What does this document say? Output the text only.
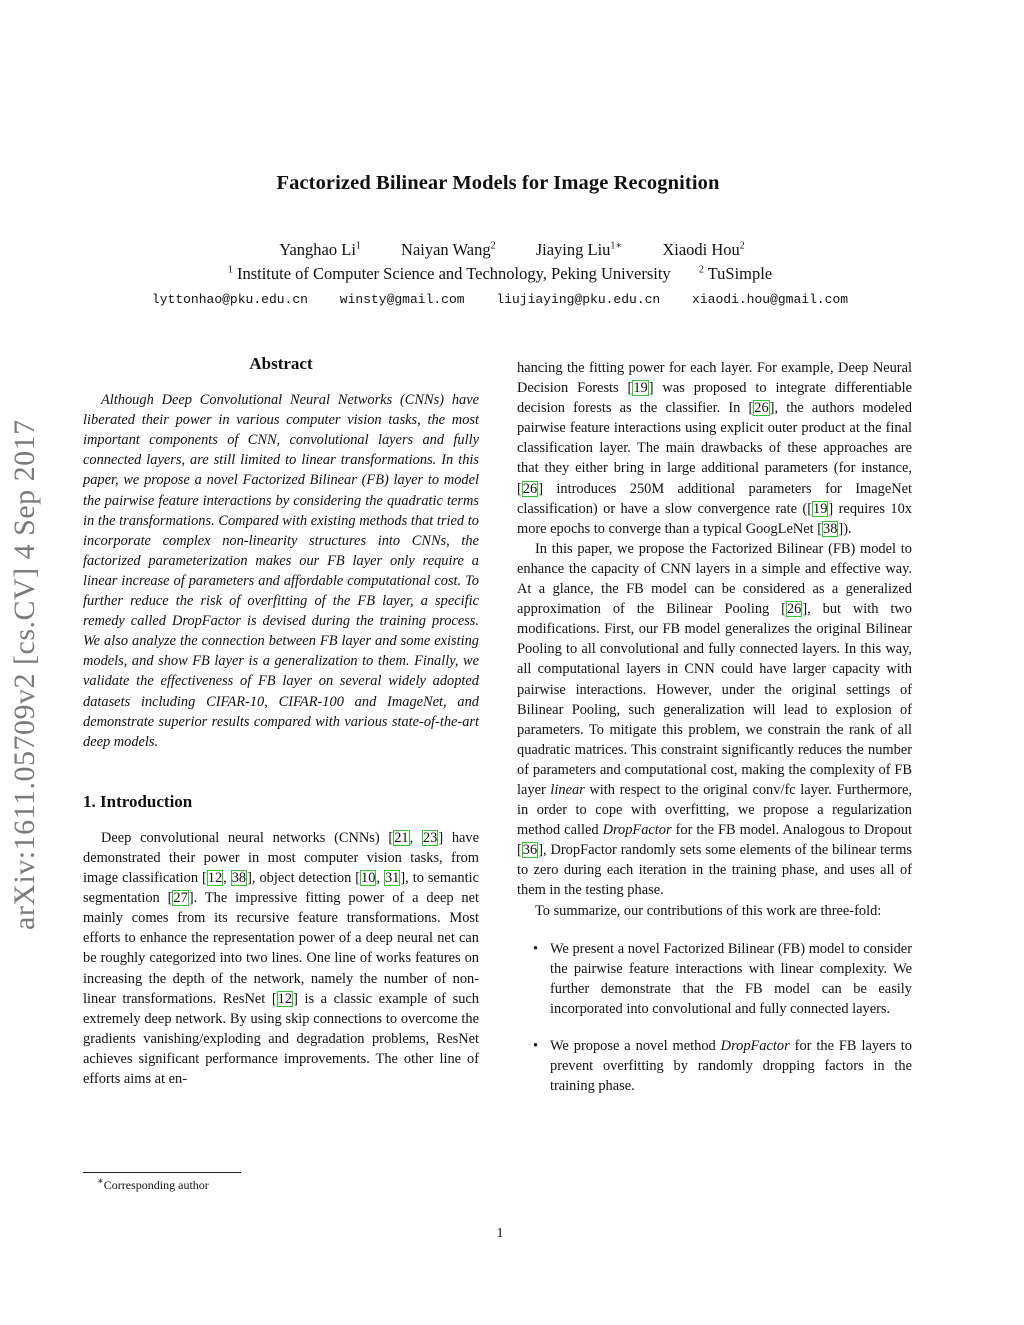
Factorized Bilinear Models for Image Recognition
Yanghao Li$^1$ Naiyan Wang$^2$ Jiaying Liu$^{1∗}$ Xiaodi Hou$^2$
$^1$ Institute of Computer Science and Technology, Peking University	$^2$ TuSimple
lyttonhao@pku.edu.cn winsty@gmail.com liujiaying@pku.edu.cn xiaodi.hou@gmail.com
arXiv:1611.05709v2 [cs.CV] 4 Sep 2017
Abstract

Although Deep Convolutional Neural Networks (CNNs) have liberated their power in various computer vision tasks, the most important components of CNN, convolutional layers and fully connected layers, are still limited to linear transformations. In this paper, we propose a novel Factorized Bilinear (FB) layer to model the pairwise feature interactions by considering the quadratic terms in the transformations. Compared with existing methods that tried to incorporate complex non-linearity structures into CNNs, the factorized parameterization makes our FB layer only require a linear increase of parameters and affordable computational cost. To further reduce the risk of overfitting of the FB layer, a specific remedy called DropFactor is devised during the training process. We also analyze the connection between FB layer and some existing models, and show FB layer is a generalization to them. Finally, we validate the effectiveness of FB layer on several widely adopted datasets including CIFAR-10, CIFAR-100 and ImageNet, and demonstrate superior results compared with various state-of-the-art deep models.

1. Introduction

Deep convolutional neural networks (CNNs) [21, 23] have demonstrated their power in most computer vision tasks, from image classification [12, 38], object detection [10, 31], to semantic segmentation [27]. The impressive fitting power of a deep net mainly comes from its recursive feature transformations. Most efforts to enhance the representation power of a deep neural net can be roughly categorized into two lines. One line of works features on increasing the depth of the network, namely the number of non-linear transformations. ResNet [12] is a classic example of such extremely deep network. By using skip connections to overcome the gradients vanishing/exploding and degradation problems, ResNet achieves significant performance improvements. The other line of efforts aims at en-

∗Corresponding author

hancing the fitting power for each layer. For example, Deep Neural Decision Forests [19] was proposed to integrate differentiable decision forests as the classifier. In [26], the authors modeled pairwise feature interactions using explicit outer product at the final classification layer. The main drawbacks of these approaches are that they either bring in large additional parameters (for instance, [26] introduces 250M additional parameters for ImageNet classification) or have a slow convergence rate ([19] requires 10x more epochs to converge than a typical GoogLeNet [38]).

In this paper, we propose the Factorized Bilinear (FB) model to enhance the capacity of CNN layers in a simple and effective way. At a glance, the FB model can be considered as a generalized approximation of the Bilinear Pooling [26], but with two modifications. First, our FB model generalizes the original Bilinear Pooling to all convolutional and fully connected layers. In this way, all computational layers in CNN could have larger capacity with pairwise interactions. However, under the original settings of Bilinear Pooling, such generalization will lead to explosion of parameters. To mitigate this problem, we constrain the rank of all quadratic matrices. This constraint significantly reduces the number of parameters and computational cost, making the complexity of FB layer linear with respect to the original conv/fc layer. Furthermore, in order to cope with overfitting, we propose a regularization method called DropFactor for the FB model. Analogous to Dropout [36], DropFactor randomly sets some elements of the bilinear terms to zero during each iteration in the training phase, and uses all of them in the testing phase.

To summarize, our contributions of this work are three-fold:

• We present a novel Factorized Bilinear (FB) model to consider the pairwise feature interactions with linear complexity. We further demonstrate that the FB model can be easily incorporated into convolutional and fully connected layers.
• We propose a novel method DropFactor for the FB layers to prevent overfitting by randomly dropping factors in the training phase.
1
